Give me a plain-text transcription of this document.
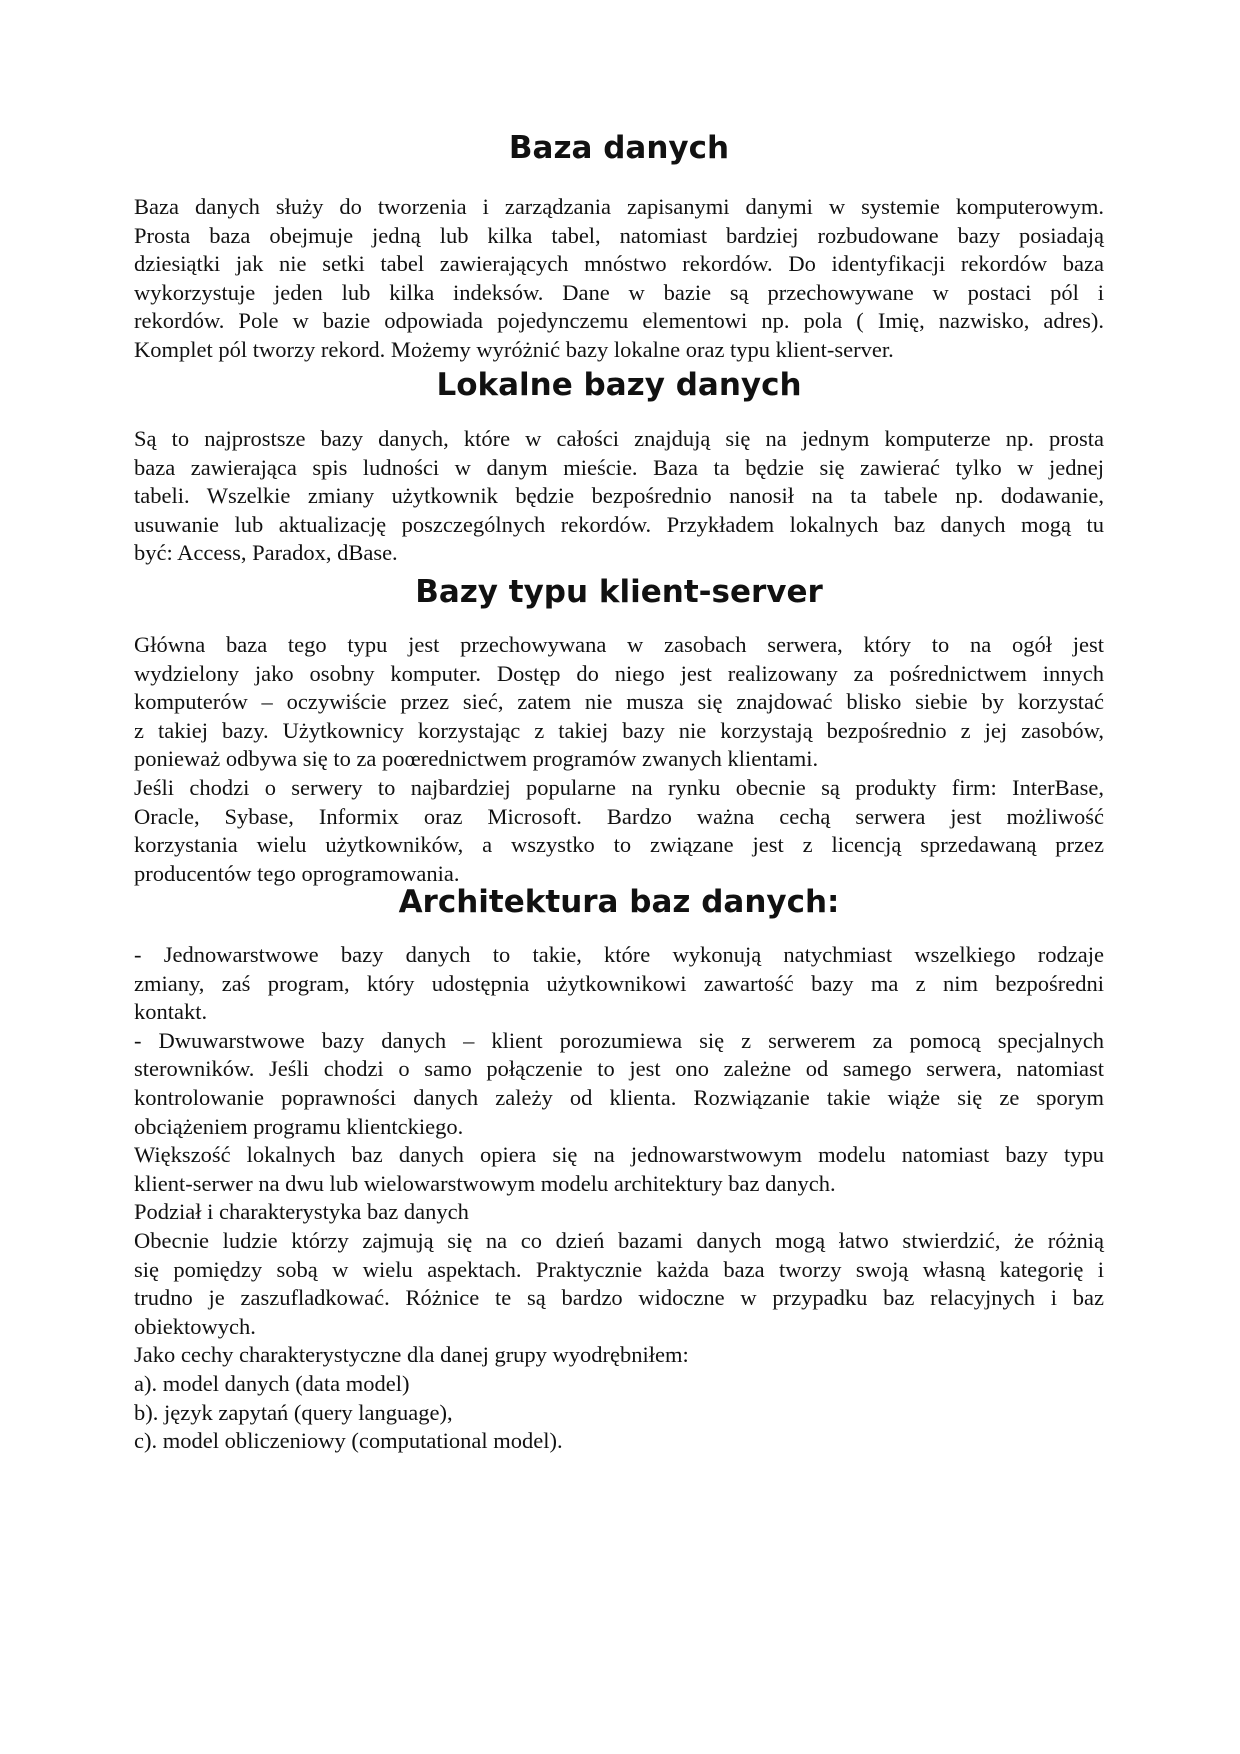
Baza danych
Baza danych służy do tworzenia i zarządzania zapisanymi danymi w systemie komputerowym.
Prosta baza obejmuje jedną lub kilka tabel, natomiast bardziej rozbudowane bazy posiadają
dziesiątki jak nie setki tabel zawierających mnóstwo rekordów. Do identyfikacji rekordów baza
wykorzystuje jeden lub kilka indeksów. Dane w bazie są przechowywane w postaci pól i
rekordów. Pole w bazie odpowiada pojedynczemu elementowi np. pola ( Imię, nazwisko, adres).
Komplet pól tworzy rekord. Możemy wyróżnić bazy lokalne oraz typu klient-server.
Lokalne bazy danych
Są to najprostsze bazy danych, które w całości znajdują się na jednym komputerze np. prosta
baza zawierająca spis ludności w danym mieście. Baza ta będzie się zawierać tylko w jednej
tabeli. Wszelkie zmiany użytkownik będzie bezpośrednio nanosił na ta tabele np. dodawanie,
usuwanie lub aktualizację poszczególnych rekordów. Przykładem lokalnych baz danych mogą tu
być: Access, Paradox, dBase.
Bazy typu klient-server
Główna baza tego typu jest przechowywana w zasobach serwera, który to na ogół jest
wydzielony jako osobny komputer. Dostęp do niego jest realizowany za pośrednictwem innych
komputerów – oczywiście przez sieć, zatem nie musza się znajdować blisko siebie by korzystać
z takiej bazy. Użytkownicy korzystając z takiej bazy nie korzystają bezpośrednio z jej zasobów,
ponieważ odbywa się to za poœrednictwem programów zwanych klientami.
Jeśli chodzi o serwery to najbardziej popularne na rynku obecnie są produkty firm: InterBase,
Oracle, Sybase, Informix oraz Microsoft. Bardzo ważna cechą serwera jest możliwość
korzystania wielu użytkowników, a wszystko to związane jest z licencją sprzedawaną przez
producentów tego oprogramowania.
Architektura baz danych:
- Jednowarstwowe bazy danych to takie, które wykonują natychmiast wszelkiego rodzaje
zmiany, zaś program, który udostępnia użytkownikowi zawartość bazy ma z nim bezpośredni
kontakt.
- Dwuwarstwowe bazy danych – klient porozumiewa się z serwerem za pomocą specjalnych
sterowników. Jeśli chodzi o samo połączenie to jest ono zależne od samego serwera, natomiast
kontrolowanie poprawności danych zależy od klienta. Rozwiązanie takie wiąże się ze sporym
obciążeniem programu klientckiego.
Większość lokalnych baz danych opiera się na jednowarstwowym modelu natomiast bazy typu
klient-serwer na dwu lub wielowarstwowym modelu architektury baz danych.
Podział i charakterystyka baz danych
Obecnie ludzie którzy zajmują się na co dzień bazami danych mogą łatwo stwierdzić, że różnią
się pomiędzy sobą w wielu aspektach. Praktycznie każda baza tworzy swoją własną kategorię i
trudno je zaszufladkować. Różnice te są bardzo widoczne w przypadku baz relacyjnych i baz
obiektowych.
Jako cechy charakterystyczne dla danej grupy wyodrębniłem:
a). model danych (data model)
b). język zapytań (query language),
c). model obliczeniowy (computational model).
